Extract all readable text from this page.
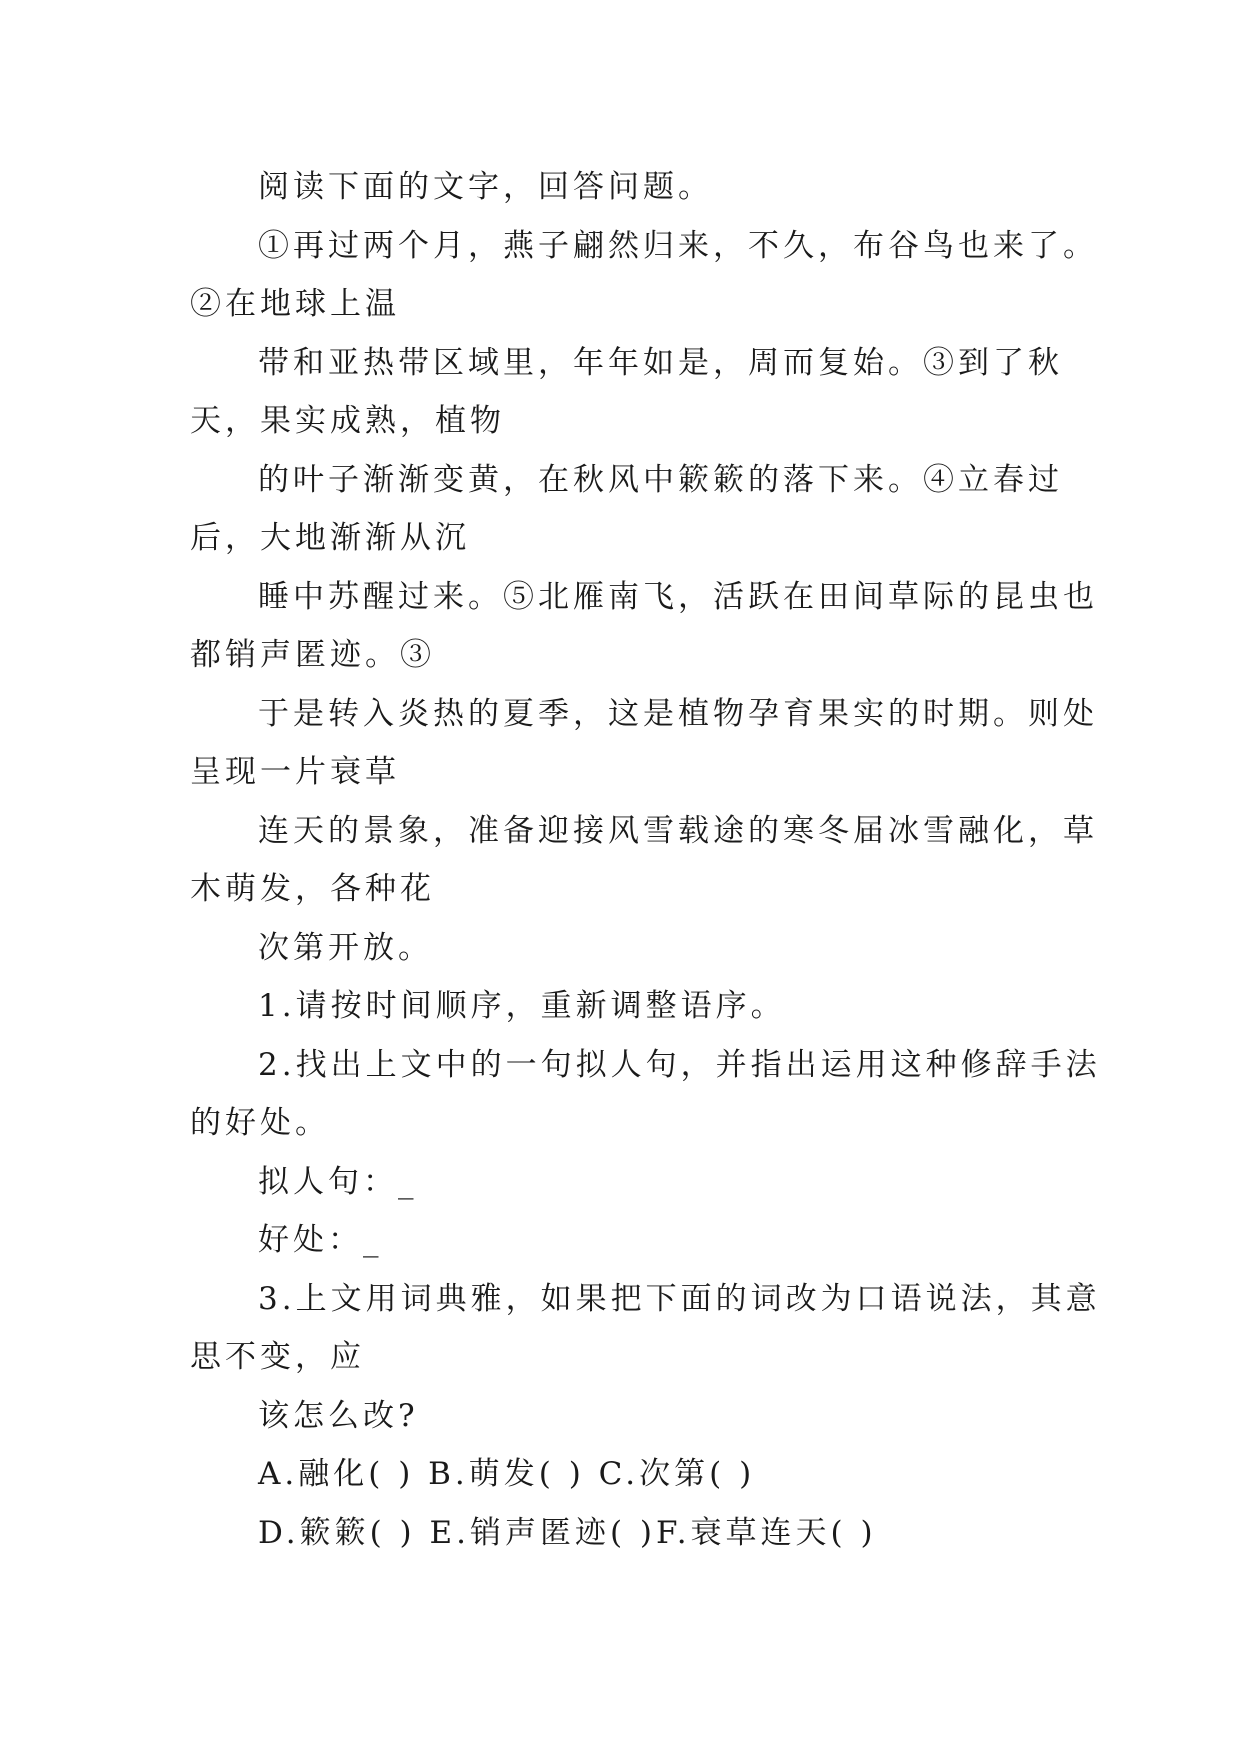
阅读下面的文字，回答问题。
①再过两个月，燕子翩然归来，不久，布谷鸟也来了。
②在地球上温
带和亚热带区域里，年年如是，周而复始。③到了秋
天，果实成熟，植物
的叶子渐渐变黄，在秋风中簌簌的落下来。④立春过
后，大地渐渐从沉
睡中苏醒过来。⑤北雁南飞，活跃在田间草际的昆虫也
都销声匿迹。③
于是转入炎热的夏季，这是植物孕育果实的时期。则处
呈现一片衰草
连天的景象，准备迎接风雪载途的寒冬届冰雪融化，草
木萌发，各种花
次第开放。
1.请按时间顺序，重新调整语序。
2.找出上文中的一句拟人句，并指出运用这种修辞手法
的好处。
拟人句：_
好处：_
3.上文用词典雅，如果把下面的词改为口语说法，其意
思不变，应
该怎么改?
A.融化( ) B.萌发( ) C.次第( )
D.簌簌( ) E.销声匿迹( )F.衰草连天( )
